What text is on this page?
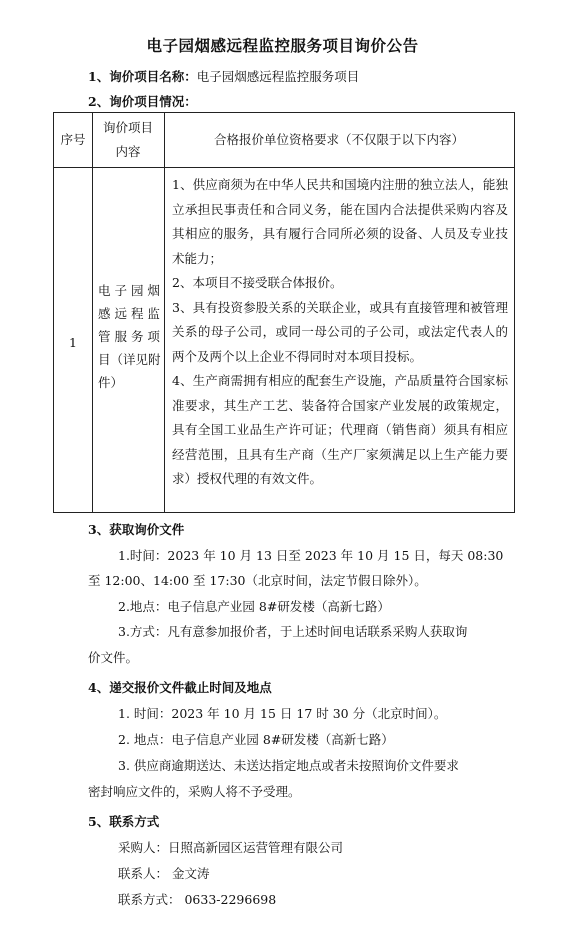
电子园烟感远程监控服务项目询价公告
1、询价项目名称：电子园烟感远程监控服务项目
2、询价项目情况：
序号
询价项目
内容
合格报价单位资格要求（不仅限于以下内容）
1
电 子 园 烟
感 远 程 监
管 服 务 项
目（详见附
件）

1、供应商须为在中华人民共和国境内注册的独立法人，能独立承担民事责任和合同义务，能在国内合法提供采购内容及其相应的服务，具有履行合同所必须的设备、人员及专业技术能力；

2、本项目不接受联合体报价。

3、具有投资参股关系的关联企业，或具有直接管理和被管理关系的母子公司，或同一母公司的子公司，或法定代表人的两个及两个以上企业不得同时对本项目投标。

4、生产商需拥有相应的配套生产设施，产品质量符合国家标准要求，其生产工艺、装备符合国家产业发展的政策规定，具有全国工业品生产许可证；代理商（销售商）须具有相应经营范围，且具有生产商（生产厂家须满足以上生产能力要求）授权代理的有效文件。

3、获取询价文件
1.时间：2023 年 10 月 13 日至 2023 年 10 月 15 日，每天 08:30
至 12:00、14:00 至 17:30（北京时间，法定节假日除外）。
2.地点：电子信息产业园 8#研发楼（高新七路）
3.方式：凡有意参加报价者，于上述时间电话联系采购人获取询
价文件。
4、递交报价文件截止时间及地点
1. 时间：2023 年 10 月 15 日 17 时 30 分（北京时间）。
2. 地点：电子信息产业园 8#研发楼（高新七路）
3. 供应商逾期送达、未送达指定地点或者未按照询价文件要求
密封响应文件的，采购人将不予受理。
5、联系方式
采购人：日照高新园区运营管理有限公司
联系人： 金文涛
联系方式： 0633-2296698
